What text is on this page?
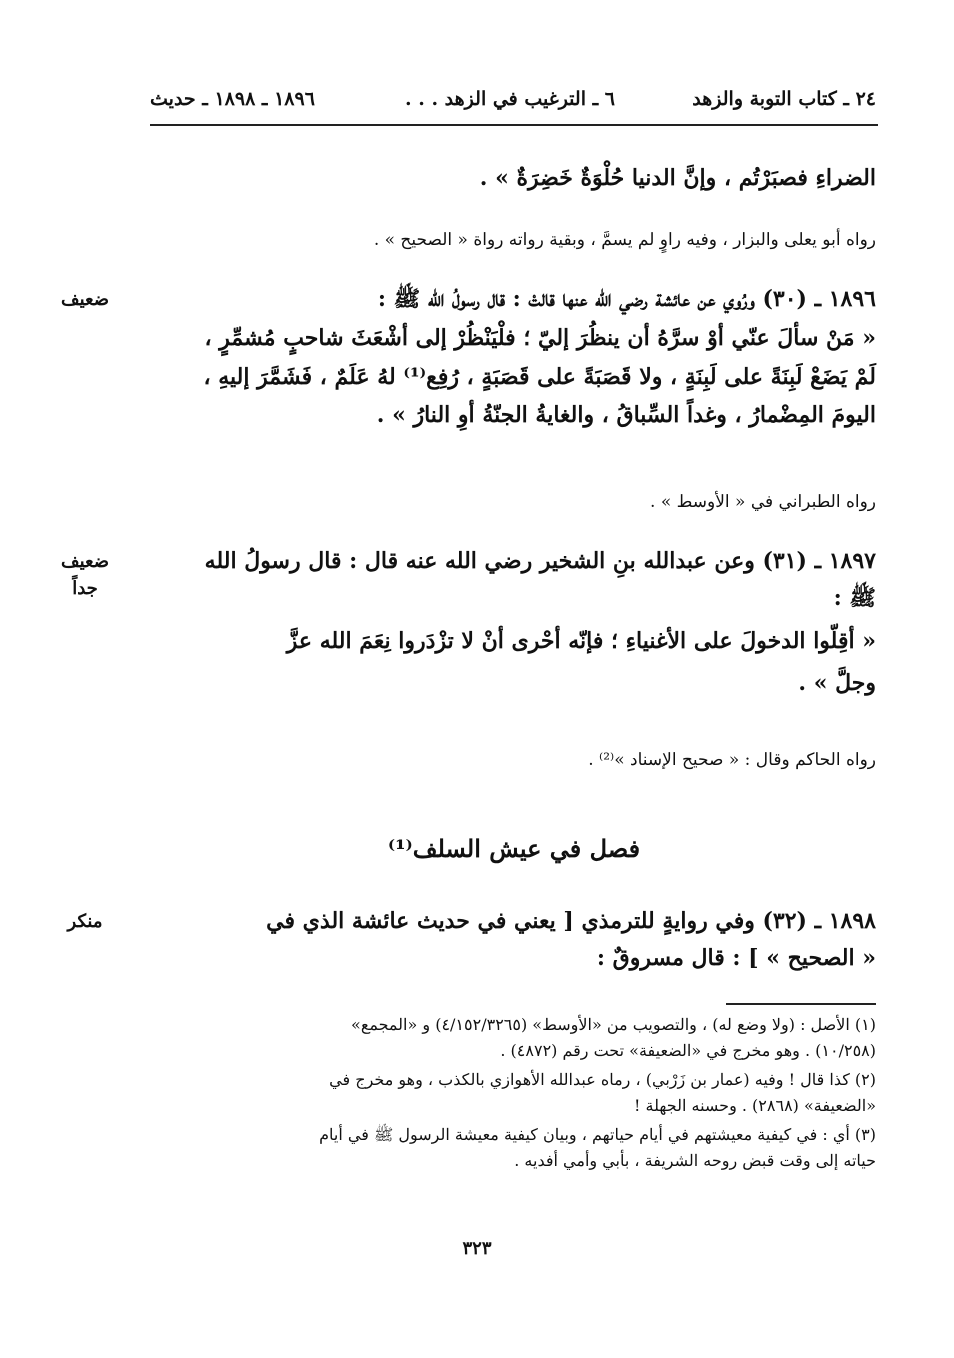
٢٤ ـ كتاب التوبة والزهد
٦ ـ الترغيب في الزهد . . .
١٨٩٦ ـ ١٨٩٨ ـ حديث
الضراءِ فصبَرْتُم ، وإنَّ الدنيا حُلْوَةٌ خَضِرَةٌ » .
رواه أبو يعلى والبزار ، وفيه راوٍ لم يسمَّ ، وبقية رواته رواة « الصحيح » .
ضعيف	١٨٩٦ ـ (٣٠) ورُوي عن عائشة رضي الله عنها قالتْ : قال رسولُ الله ﷺ :
« مَنْ سألَ عنّي أوْ سرَّهُ أن ينظُرَ إليّ ؛ فلْيَنْظُرْ إلى أشْعَثَ شاحبٍ مُشمِّرٍ ،
لَمْ يَضَعْ لَبِنَةً على لَبِنَةٍ ، ولا قَصَبَةً على قَصَبَةٍ ، رُفِع⁽¹⁾ لهُ عَلَمٌ ، فَشَمَّرَ إليهِ ،
اليومَ المِضْمارُ ، وغداً السِّباقُ ، والغايةُ الجنّةُ أوِ النارُ » .
رواه الطبراني في « الأوسط » .
ضعيف
جداً
١٨٩٧ ـ (٣١) وعن عبدالله بنِ الشخير رضي الله عنه قال : قال رسولُ الله
ﷺ :
« أقِلّوا الدخولَ على الأغنياءِ ؛ فإنّه أحْرى أنْ لا تزْدَروا نِعَمَ الله عزَّ
وجلَّ » .
رواه الحاكم وقال : « صحيح الإسناد »⁽²⁾ .
فصل في عيش السلف⁽¹⁾
منكر	١٨٩٨ ـ (٣٢) وفي روايةٍ للترمذي [ يعني في حديث عائشة الذي في
« الصحيح » ] : قال مسروقٌ :
(١) الأصل : (ولا وضع له) ، والتصويب من «الأوسط» (٤/١٥٢/٣٢٦٥) و «المجمع»
(١٠/٢٥٨) . وهو مخرج في «الضعيفة» تحت رقم (٤٨٧٢) .
(٢) كذا قال ! وفيه (عمار بن زَرْبي) ، رماه عبدالله الأهوازي بالكذب ، وهو مخرج في
«الضعيفة» (٢٨٦٨) . وحسنه الجهلة !
(٣) أي : في كيفية معيشتهم في أيام حياتهم ، وبيان كيفية معيشة الرسول ﷺ في أيام
حياته إلى وقت قبض روحه الشريفة ، بأبي وأمي أفديه .
٣٢٣
